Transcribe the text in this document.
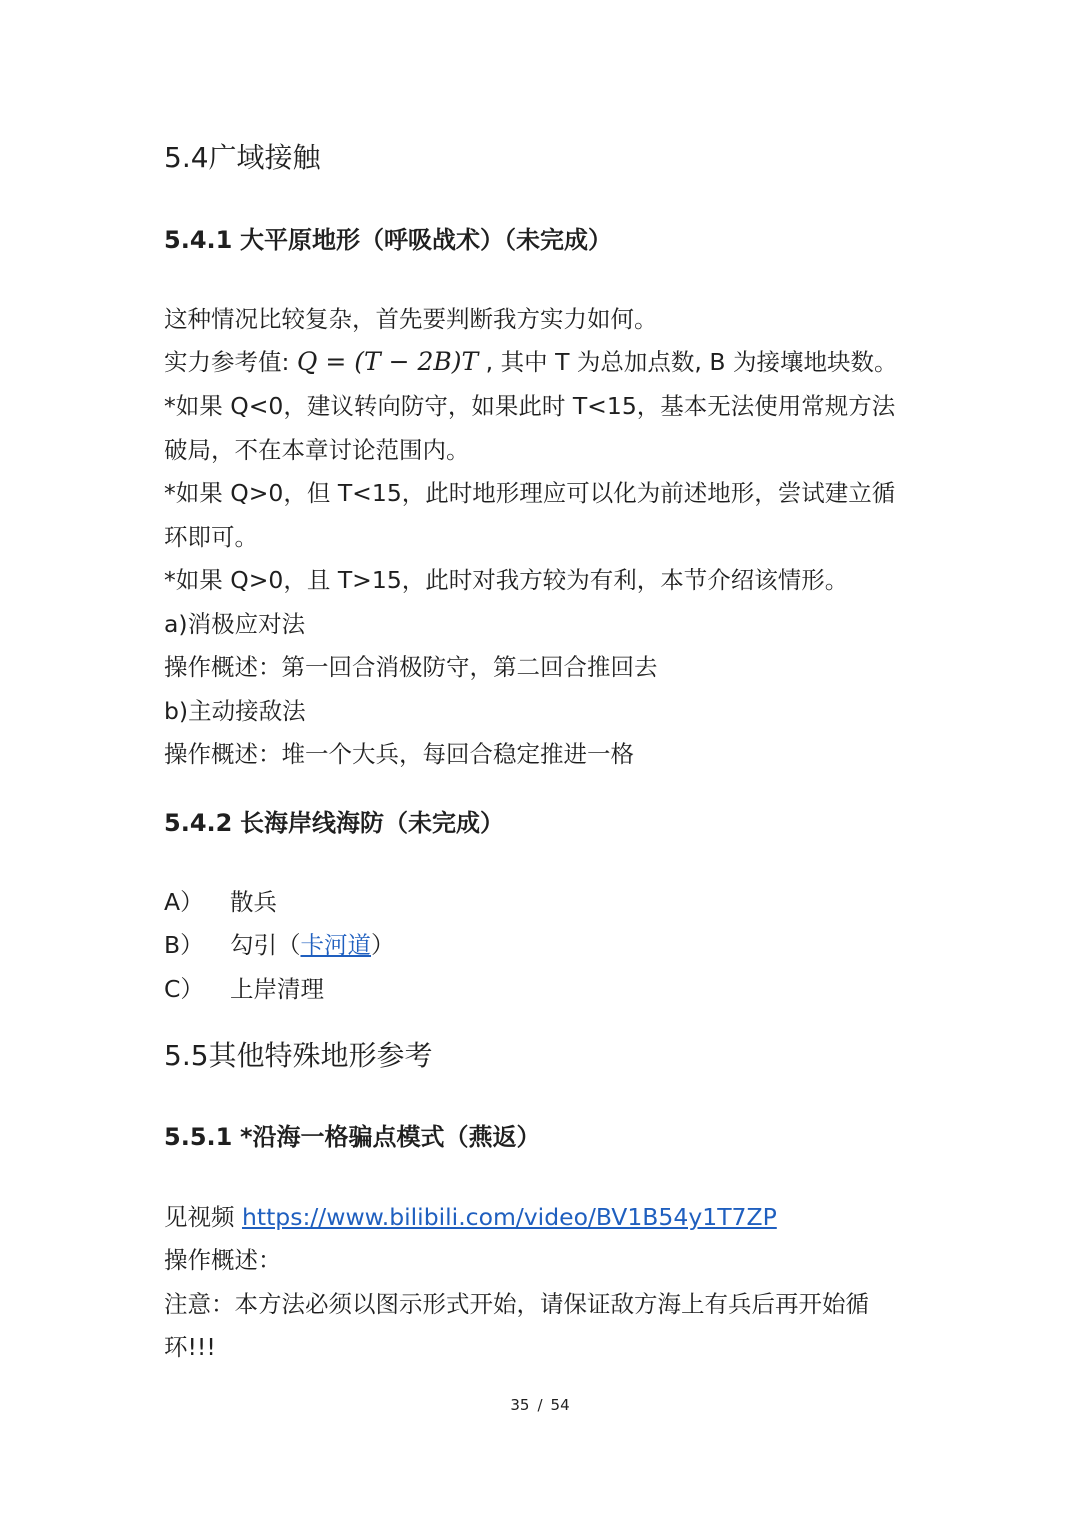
5.4广域接触
5.4.1 大平原地形（呼吸战术）（未完成）

这种情况比较复杂，首先要判断我方实力如何。

实力参考值: Q = (T − 2B)T , 其中 T 为总加点数, B 为接壤地块数。

*如果 Q<0，建议转向防守，如果此时 T<15，基本无法使用常规方法

破局，不在本章讨论范围内。

*如果 Q>0，但 T<15，此时地形理应可以化为前述地形，尝试建立循

环即可。

*如果 Q>0，且 T>15，此时对我方较为有利，本节介绍该情形。

a)消极应对法

操作概述：第一回合消极防守，第二回合推回去

b)主动接敌法

操作概述：堆一个大兵，每回合稳定推进一格

5.4.2 长海岸线海防（未完成）
A） 散兵
B） 勾引（卡河道）
C） 上岸清理
5.5其他特殊地形参考
5.5.1 *沿海一格骗点模式（燕返）

见视频 https://www.bilibili.com/video/BV1B54y1T7ZP

操作概述：

注意：本方法必须以图示形式开始，请保证敌方海上有兵后再开始循

环!!!

35 / 54
